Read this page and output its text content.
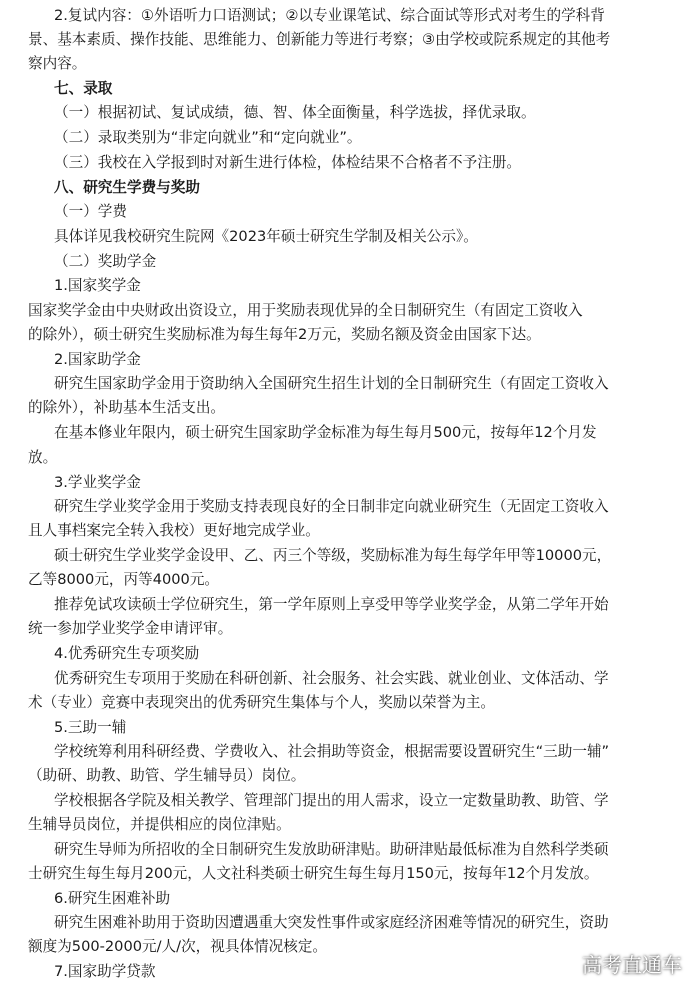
2.复试内容：①外语听力口语测试；②以专业课笔试、综合面试等形式对考生的学科背
景、基本素质、操作技能、思维能力、创新能力等进行考察；③由学校或院系规定的其他考
察内容。
七、录取
（一）根据初试、复试成绩，德、智、体全面衡量，科学选拔，择优录取。
（二）录取类别为“非定向就业”和“定向就业”。
（三）我校在入学报到时对新生进行体检，体检结果不合格者不予注册。
八、研究生学费与奖助
（一）学费
具体详见我校研究生院网《2023年硕士研究生学制及相关公示》。
（二）奖助学金
1.国家奖学金
国家奖学金由中央财政出资设立，用于奖励表现优异的全日制研究生（有固定工资收入
的除外），硕士研究生奖励标准为每生每年2万元，奖励名额及资金由国家下达。
2.国家助学金
研究生国家助学金用于资助纳入全国研究生招生计划的全日制研究生（有固定工资收入
的除外），补助基本生活支出。
在基本修业年限内，硕士研究生国家助学金标准为每生每月500元，按每年12个月发
放。
3.学业奖学金
研究生学业奖学金用于奖励支持表现良好的全日制非定向就业研究生（无固定工资收入
且人事档案完全转入我校）更好地完成学业。
硕士研究生学业奖学金设甲、乙、丙三个等级，奖励标准为每生每学年甲等10000元，
乙等8000元，丙等4000元。
推荐免试攻读硕士学位研究生，第一学年原则上享受甲等学业奖学金，从第二学年开始
统一参加学业奖学金申请评审。
4.优秀研究生专项奖励
优秀研究生专项用于奖励在科研创新、社会服务、社会实践、就业创业、文体活动、学
术（专业）竞赛中表现突出的优秀研究生集体与个人，奖励以荣誉为主。
5.三助一辅
学校统筹利用科研经费、学费收入、社会捐助等资金，根据需要设置研究生“三助一辅”
（助研、助教、助管、学生辅导员）岗位。
学校根据各学院及相关教学、管理部门提出的用人需求，设立一定数量助教、助管、学
生辅导员岗位，并提供相应的岗位津贴。
研究生导师为所招收的全日制研究生发放助研津贴。助研津贴最低标准为自然科学类硕
士研究生每生每月200元，人文社科类硕士研究生每生每月150元，按每年12个月发放。
6.研究生困难补助
研究生困难补助用于资助因遭遇重大突发性事件或家庭经济困难等情况的研究生，资助
额度为500-2000元/人/次，视具体情况核定。
7.国家助学贷款	高考直通车
